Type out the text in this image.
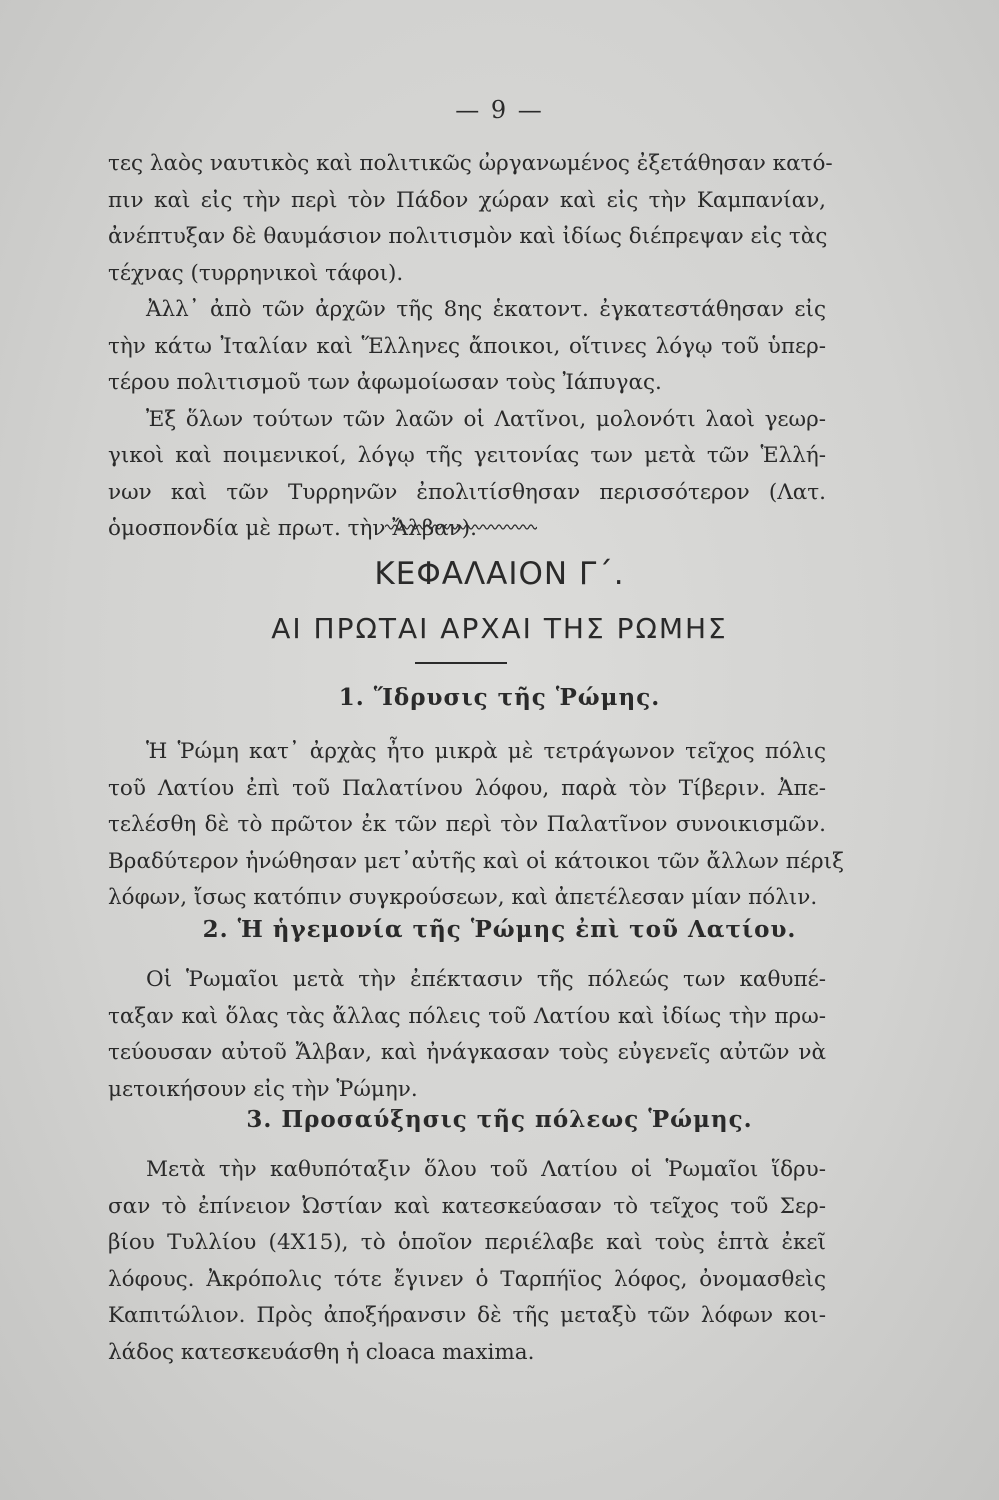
— 9 —
τες λαὸς ναυτικὸς καὶ πολιτικῶς ὠργανωμένος ἐξετάθησαν κατό-
πιν καὶ εἰς τὴν περὶ τὸν Πάδον χώραν καὶ εἰς τὴν Καμπανίαν,
ἀνέπτυξαν δὲ θαυμάσιον πολιτισμὸν καὶ ἰδίως διέπρεψαν εἰς τὰς
τέχνας (τυρρηνικοὶ τάφοι).
Ἀλλ᾽ ἀπὸ τῶν ἀρχῶν τῆς 8ης ἑκατοντ. ἐγκατεστάθησαν εἰς
τὴν κάτω Ἰταλίαν καὶ Ἕλληνες ἄποικοι, οἵτινες λόγῳ τοῦ ὑπερ-
τέρου πολιτισμοῦ των ἀφωμοίωσαν τοὺς Ἰάπυγας.
Ἐξ ὅλων τούτων τῶν λαῶν οἱ Λατῖνοι, μολονότι λαοὶ γεωρ-
γικοὶ καὶ ποιμενικοί, λόγῳ τῆς γειτονίας των μετὰ τῶν Ἑλλή-
νων καὶ τῶν Τυρρηνῶν ἐπολιτίσθησαν περισσότερον (Λατ.
ὁμοσπονδία μὲ πρωτ. τὴν Ἄλβαν).
ΚΕΦΑΛΑΙΟΝ Γ΄.
ΑΙ ΠΡΩΤΑΙ ΑΡΧΑΙ ΤΗΣ ΡΩΜΗΣ
1. Ἵδρυσις τῆς Ῥώμης.
Ἡ Ῥώμη κατ᾽ ἀρχὰς ἦτο μικρὰ μὲ τετράγωνον τεῖχος πόλις
τοῦ Λατίου ἐπὶ τοῦ Παλατίνου λόφου, παρὰ τὸν Τίβεριν. Ἀπε-
τελέσθη δὲ τὸ πρῶτον ἐκ τῶν περὶ τὸν Παλατῖνον συνοικισμῶν.
Βραδύτερον ἡνώθησαν μετ᾽αὐτῆς καὶ οἱ κάτοικοι τῶν ἄλλων πέριξ
λόφων, ἴσως κατόπιν συγκρούσεων, καὶ ἀπετέλεσαν μίαν πόλιν.
2. Ἡ ἡγεμονία τῆς Ῥώμης ἐπὶ τοῦ Λατίου.
Οἱ Ῥωμαῖοι μετὰ τὴν ἐπέκτασιν τῆς πόλεώς των καθυπέ-
ταξαν καὶ ὅλας τὰς ἄλλας πόλεις τοῦ Λατίου καὶ ἰδίως τὴν πρω-
τεύουσαν αὐτοῦ Ἄλβαν, καὶ ἠνάγκασαν τοὺς εὐγενεῖς αὐτῶν νὰ
μετοικήσουν εἰς τὴν Ῥώμην.
3. Προσαύξησις τῆς πόλεως Ῥώμης.
Μετὰ τὴν καθυπόταξιν ὅλου τοῦ Λατίου οἱ Ῥωμαῖοι ἵδρυ-
σαν τὸ ἐπίνειον Ὠστίαν καὶ κατεσκεύασαν τὸ τεῖχος τοῦ Σερ-
βίου Τυλλίου (4Χ15), τὸ ὁποῖον περιέλαβε καὶ τοὺς ἑπτὰ ἐκεῖ
λόφους. Ἀκρόπολις τότε ἔγινεν ὁ Ταρπήϊος λόφος, ὀνομασθεὶς
Καπιτώλιον. Πρὸς ἀποξήρανσιν δὲ τῆς μεταξὺ τῶν λόφων κοι-
λάδος κατεσκευάσθη ἡ cloaca maxima.
